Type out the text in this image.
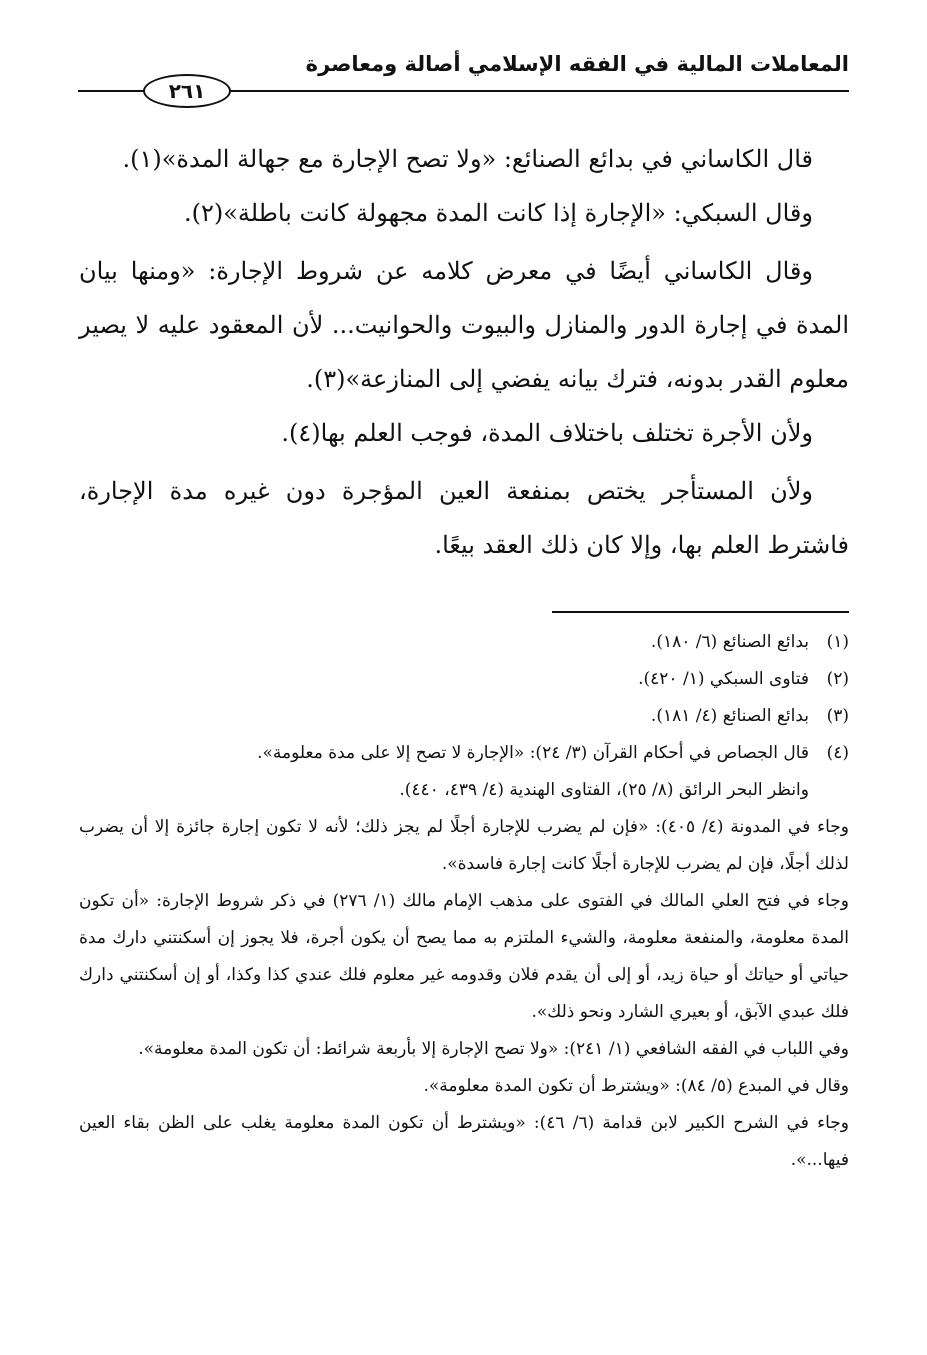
المعاملات المالية في الفقه الإسلامي أصالة ومعاصرة
٢٦١

قال الكاساني في بدائع الصنائع: «ولا تصح الإجارة مع جهالة المدة»(١).

وقال السبكي: «الإجارة إذا كانت المدة مجهولة كانت باطلة»(٢).

وقال الكاساني أيضًا في معرض كلامه عن شروط الإجارة: «ومنها بيان المدة في إجارة الدور والمنازل والبيوت والحوانيت... لأن المعقود عليه لا يصير معلوم القدر بدونه، فترك بيانه يفضي إلى المنازعة»(٣).

ولأن الأجرة تختلف باختلاف المدة، فوجب العلم بها(٤).

ولأن المستأجر يختص بمنفعة العين المؤجرة دون غيره مدة الإجارة، فاشترط العلم بها، وإلا كان ذلك العقد بيعًا.

(١)بدائع الصنائع (٦/ ١٨٠).

(٢)فتاوى السبكي (١/ ٤٢٠).

(٣)بدائع الصنائع (٤/ ١٨١).

(٤)قال الجصاص في أحكام القرآن (٣/ ٢٤): «الإجارة لا تصح إلا على مدة معلومة».

وانظر البحر الرائق (٨/ ٢٥)، الفتاوى الهندية (٤/ ٤٣٩، ٤٤٠).

وجاء في المدونة (٤/ ٤٠٥): «فإن لم يضرب للإجارة أجلًا لم يجز ذلك؛ لأنه لا تكون إجارة جائزة إلا أن يضرب لذلك أجلًا، فإن لم يضرب للإجارة أجلًا كانت إجارة فاسدة».

وجاء في فتح العلي المالك في الفتوى على مذهب الإمام مالك (١/ ٢٧٦) في ذكر شروط الإجارة: «أن تكون المدة معلومة، والمنفعة معلومة، والشيء الملتزم به مما يصح أن يكون أجرة، فلا يجوز إن أسكنتني دارك مدة حياتي أو حياتك أو حياة زيد، أو إلى أن يقدم فلان وقدومه غير معلوم فلك عندي كذا وكذا، أو إن أسكنتني دارك فلك عبدي الآبق، أو بعيري الشارد ونحو ذلك».

وفي اللباب في الفقه الشافعي (١/ ٢٤١): «ولا تصح الإجارة إلا بأربعة شرائط: أن تكون المدة معلومة».

وقال في المبدع (٥/ ٨٤): «ويشترط أن تكون المدة معلومة».

وجاء في الشرح الكبير لابن قدامة (٦/ ٤٦): «ويشترط أن تكون المدة معلومة يغلب على الظن بقاء العين فيها...».
